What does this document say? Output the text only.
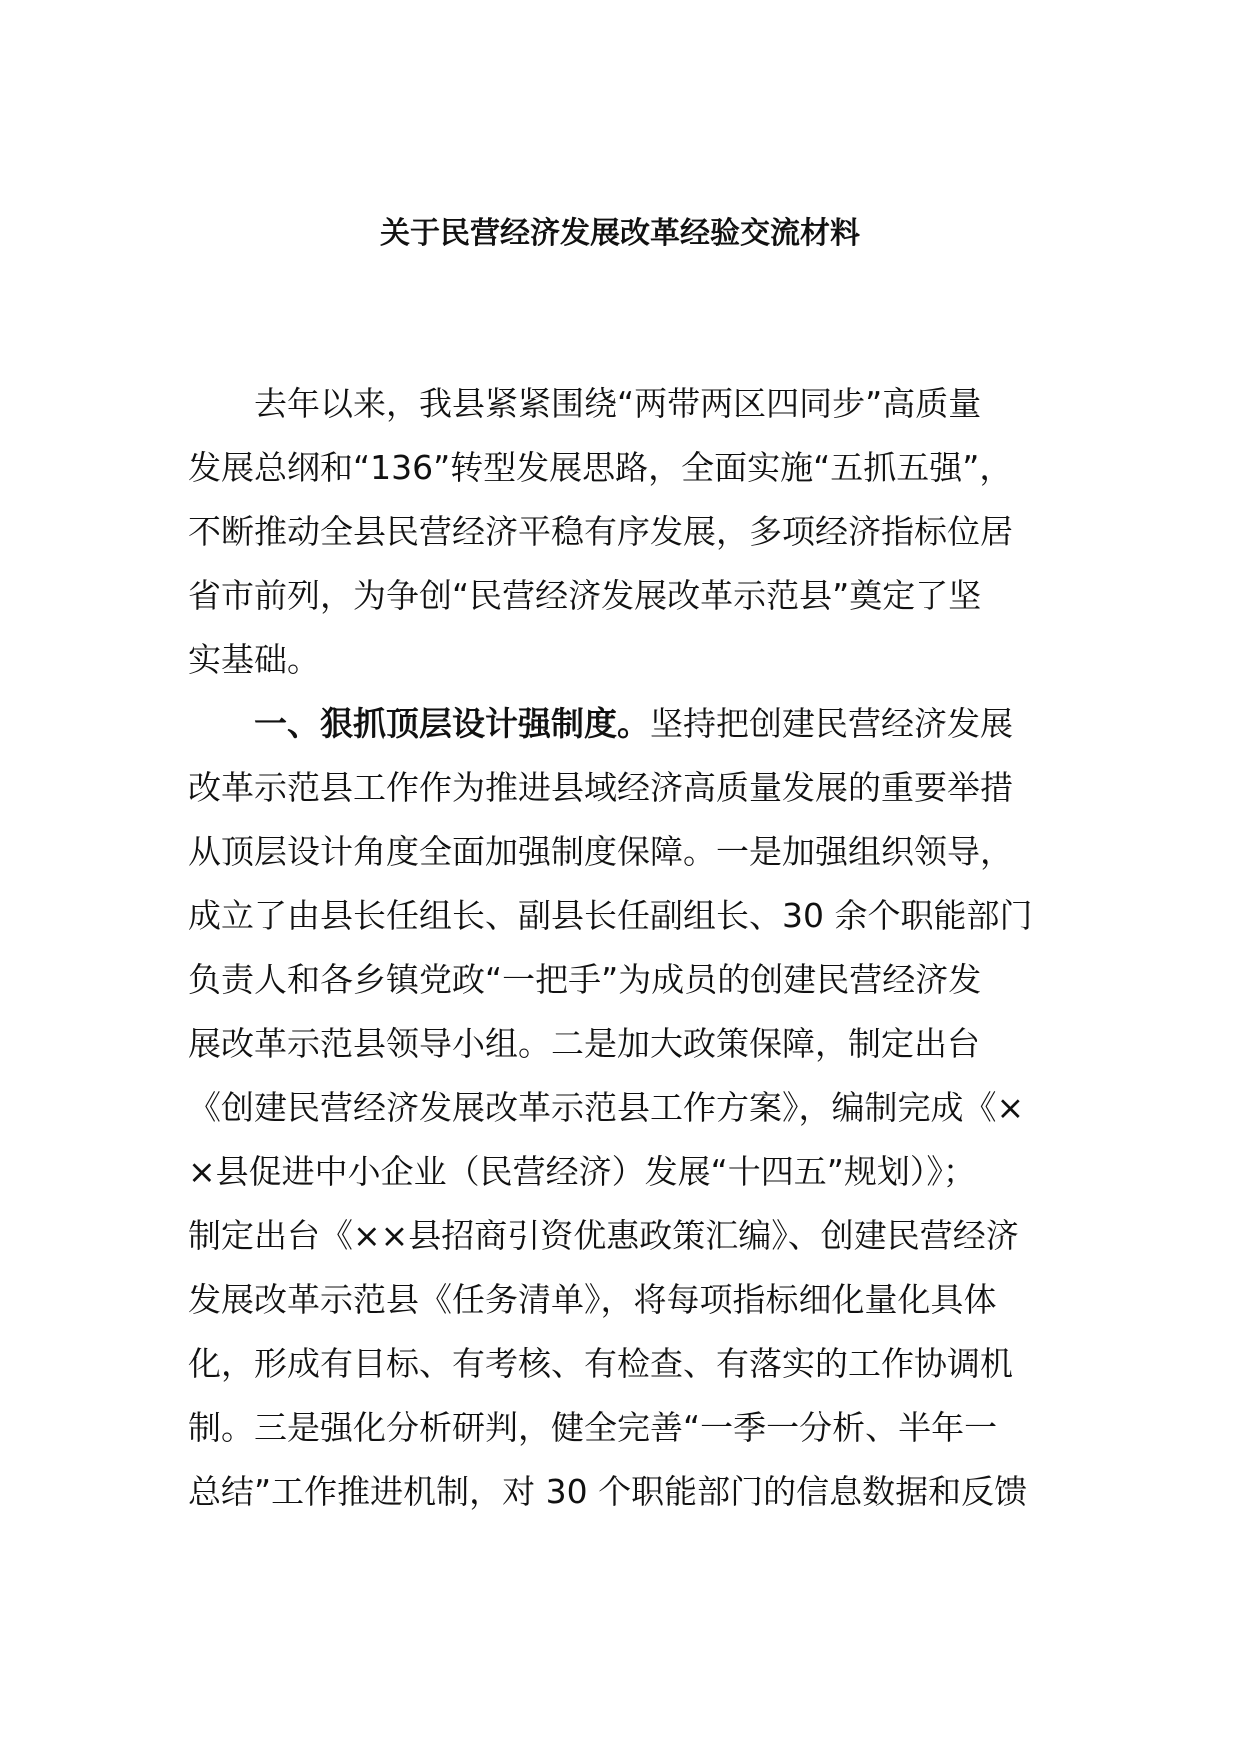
关于民营经济发展改革经验交流材料
去年以来，我县紧紧围绕“两带两区四同步”高质量
发展总纲和“136”转型发展思路，全面实施“五抓五强”，
不断推动全县民营经济平稳有序发展，多项经济指标位居
省市前列，为争创“民营经济发展改革示范县”奠定了坚
实基础。
一、狠抓顶层设计强制度。坚持把创建民营经济发展
改革示范县工作作为推进县域经济高质量发展的重要举措
从顶层设计角度全面加强制度保障。一是加强组织领导，
成立了由县长任组长、副县长任副组长、30 余个职能部门
负责人和各乡镇党政“一把手”为成员的创建民营经济发
展改革示范县领导小组。二是加大政策保障，制定出台
《创建民营经济发展改革示范县工作方案》，编制完成《×
×县促进中小企业（民营经济）发展“十四五”规划）》；
制定出台《××县招商引资优惠政策汇编》、创建民营经济
发展改革示范县《任务清单》，将每项指标细化量化具体
化，形成有目标、有考核、有检查、有落实的工作协调机
制。三是强化分析研判，健全完善“一季一分析、半年一
总结”工作推进机制，对 30 个职能部门的信息数据和反馈
